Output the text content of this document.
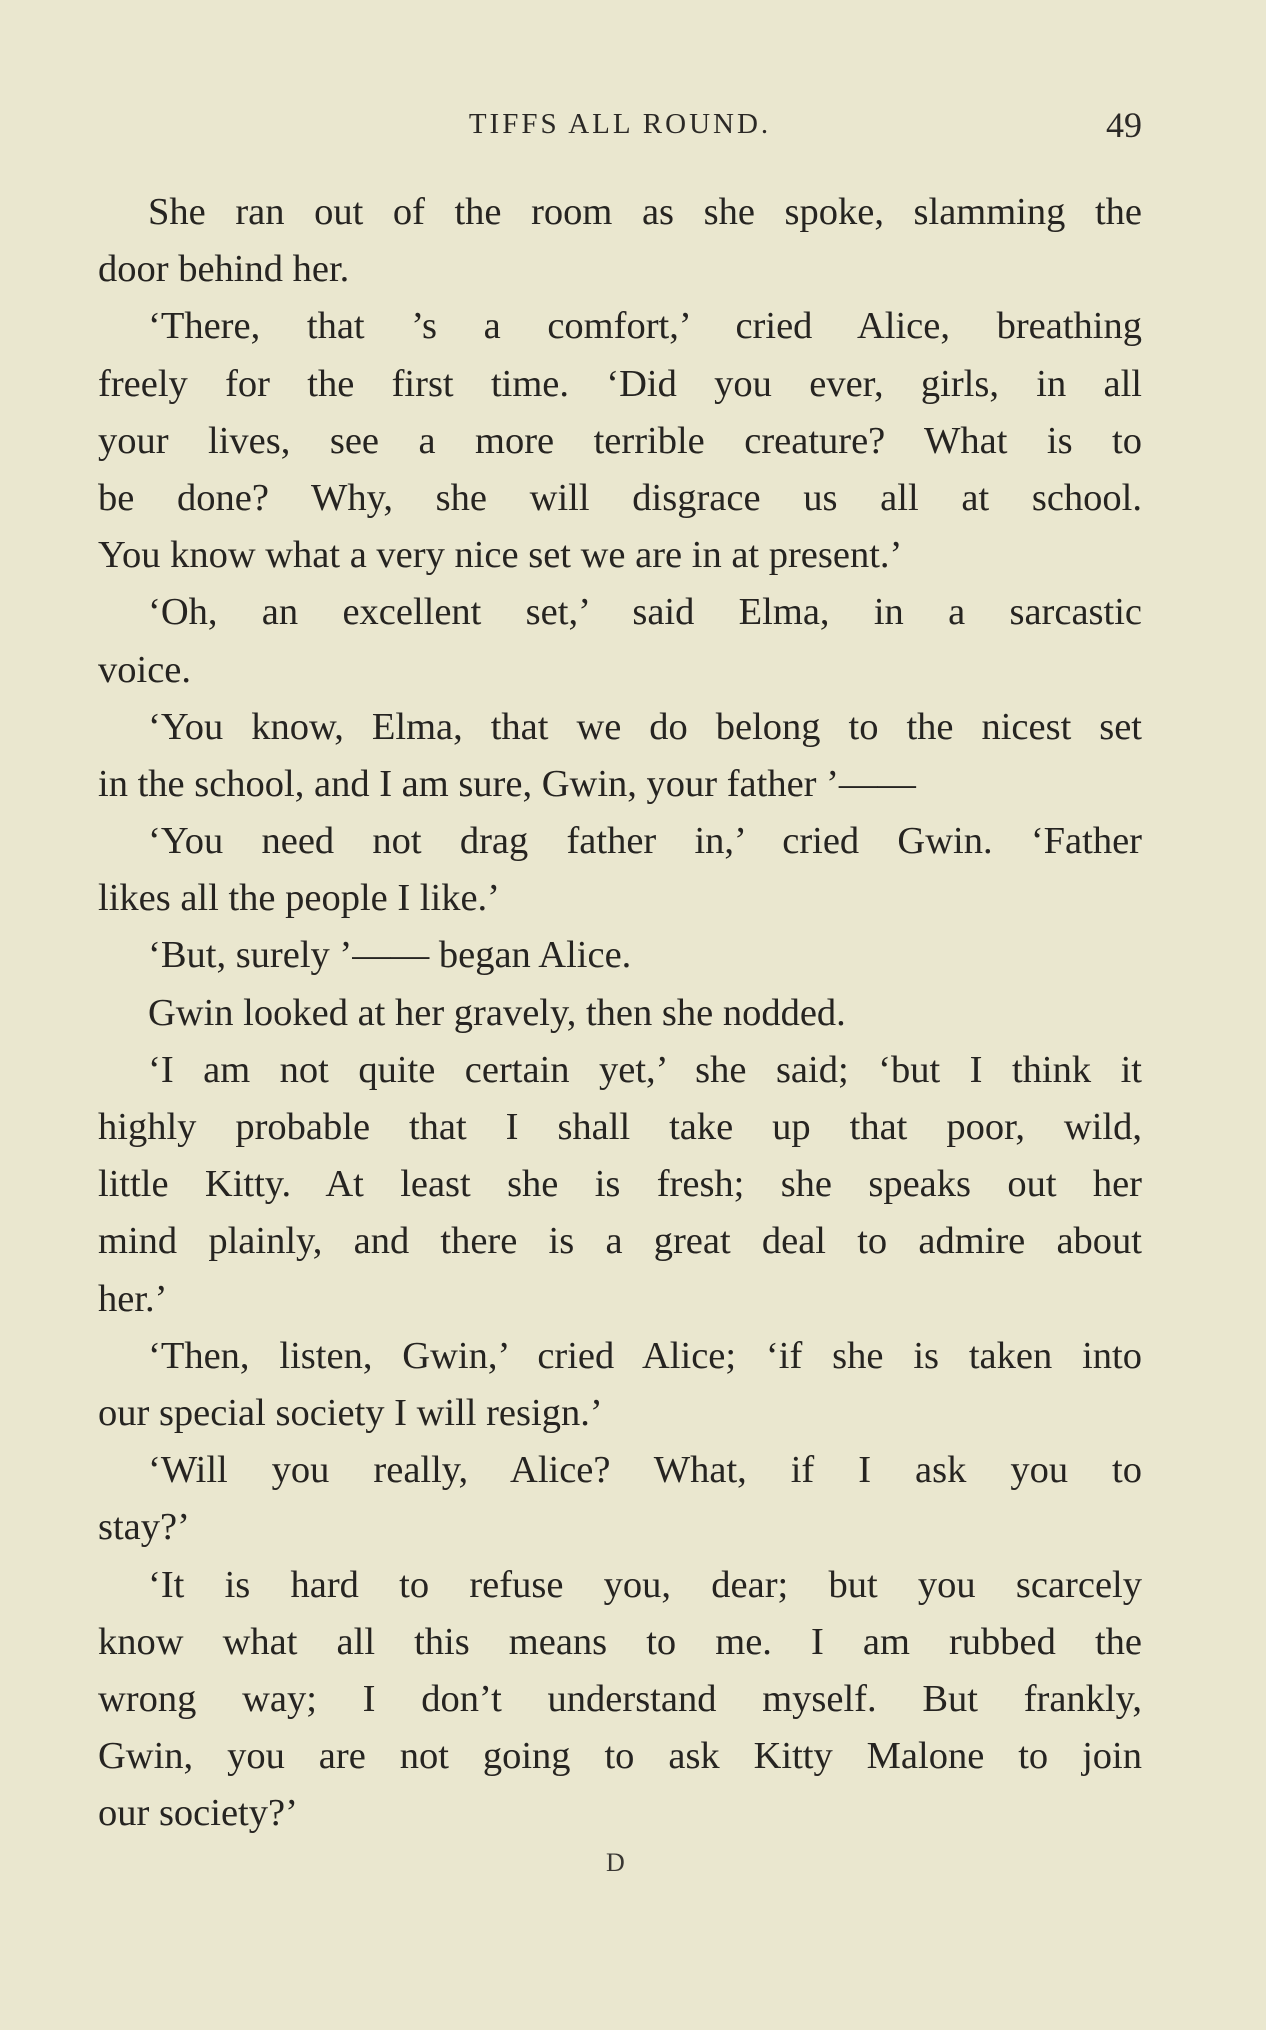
TIFFS ALL ROUND.	49
She ran out of the room as she spoke, slamming the
door behind her.
‘There, that ’s a comfort,’ cried Alice, breathing
freely for the first time. ‘Did you ever, girls, in all
your lives, see a more terrible creature? What is to
be done? Why, she will disgrace us all at school.
You know what a very nice set we are in at present.’
‘Oh, an excellent set,’ said Elma, in a sarcastic
voice.
‘You know, Elma, that we do belong to the nicest set
in the school, and I am sure, Gwin, your father ’——
‘You need not drag father in,’ cried Gwin. ‘Father
likes all the people I like.’
‘But, surely ’—— began Alice.
Gwin looked at her gravely, then she nodded.
‘I am not quite certain yet,’ she said; ‘but I think it
highly probable that I shall take up that poor, wild,
little Kitty. At least she is fresh; she speaks out her
mind plainly, and there is a great deal to admire about
her.’
‘Then, listen, Gwin,’ cried Alice; ‘if she is taken into
our special society I will resign.’
‘Will you really, Alice? What, if I ask you to
stay?’
‘It is hard to refuse you, dear; but you scarcely
know what all this means to me. I am rubbed the
wrong way; I don’t understand myself. But frankly,
Gwin, you are not going to ask Kitty Malone to join
our society?’
D
